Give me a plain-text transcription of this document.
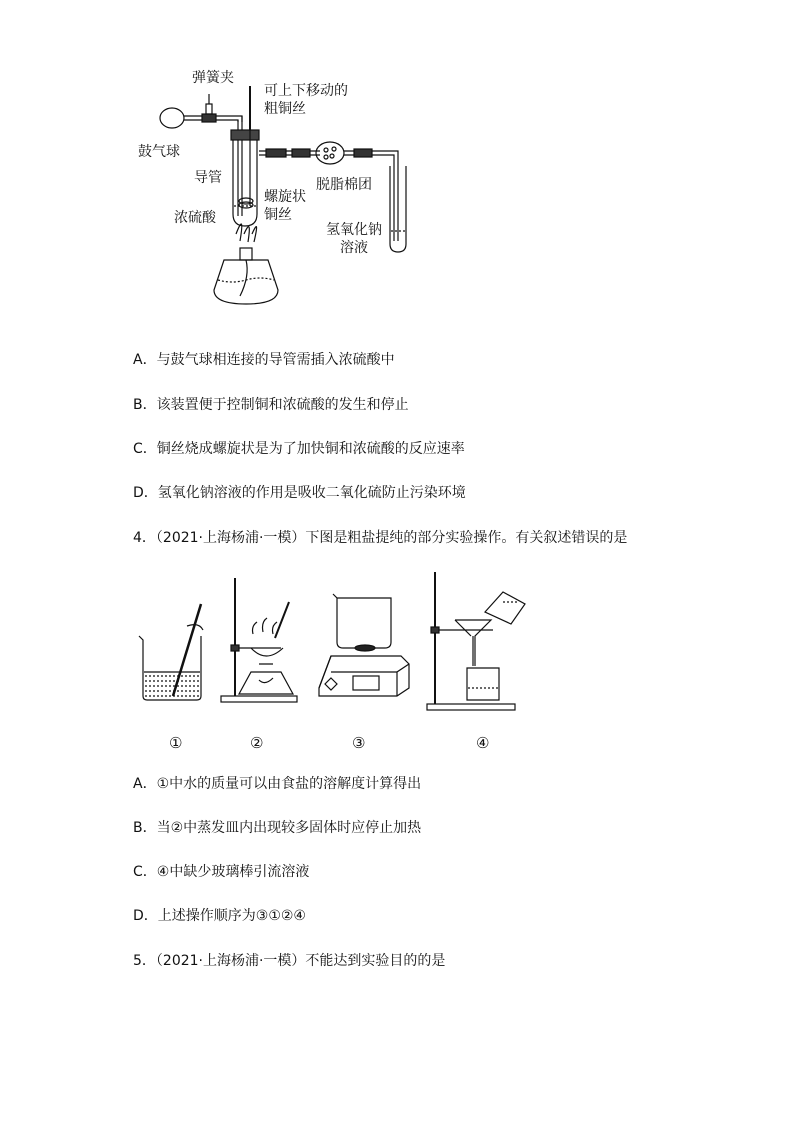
弹簧夹
可上下移动的
粗铜丝
鼓气球
导管
螺旋状
铜丝
浓硫酸
脱脂棉团
氢氧化钠
溶液
A．与鼓气球相连接的导管需插入浓硫酸中
B．该装置便于控制铜和浓硫酸的发生和停止
C．铜丝烧成螺旋状是为了加快铜和浓硫酸的反应速率
D．氢氧化钠溶液的作用是吸收二氧化硫防止污染环境
4．（2021·上海杨浦·一模）下图是粗盐提纯的部分实验操作。有关叙述错误的是
①	②	③	④
A．①中水的质量可以由食盐的溶解度计算得出
B．当②中蒸发皿内出现较多固体时应停止加热
C．④中缺少玻璃棒引流溶液
D．上述操作顺序为③①②④
5．（2021·上海杨浦·一模）不能达到实验目的的是
